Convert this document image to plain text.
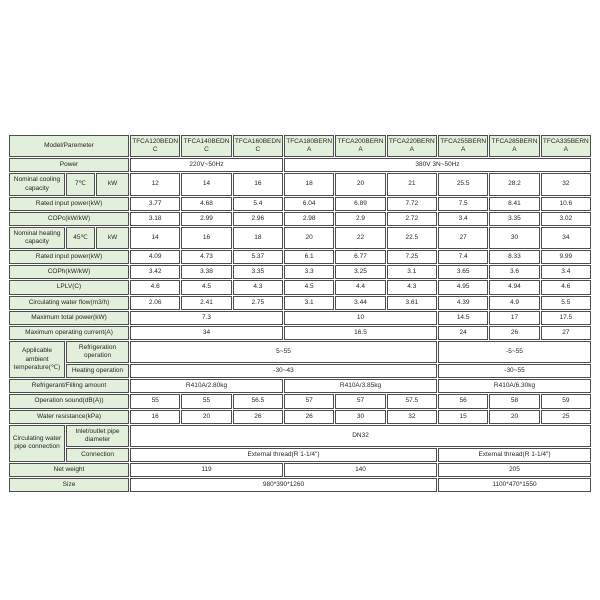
Model/Paremeter			TFCA120BEDNC	TFCA140BEDNC	TFCA160BEDNC	TFCA180BERNA	TFCA200BERNA	TFCA220BERNA	TFCA255BERNA	TFCA285BERNA	TFCA335BERNA
Power			220V~50Hz			380V 3N~50Hz					
Nominal cooling capacity	7℃	kW	12	14	16	18	20	21	25.5	28.2	32
Rated input power(kW)			3.77	4.68	5.4	6.04	6.89	7.72	7.5	8.41	10.6
COPc(kW/kW)			3.18	2.99	2.96	2.98	2.9	2.72	3.4	3.35	3.02
Nominal heating capacity	45℃	kW	14	16	18	20	22	22.5	27	30	34
Rated input power(kW)			4.09	4.73	5.37	6.1	6.77	7.25	7.4	8.33	9.99
COPh(kW/kW)			3.42	3.38	3.35	3.3	3.25	3.1	3.65	3.6	3.4
LPLV(C)			4.6	4.5	4.3	4.5	4.4	4.3	4.95	4.94	4.6
Circulating water flow(m3/h)			2.06	2.41	2.75	3.1	3.44	3.61	4.39	4.9	5.5
Maximum total power(kW)			7.3			10			14.5	17	17.5
Maximum operating current(A)			34			16.5			24	26	27
Applicable ambient temperature(℃)	Refrigeration operation		5~55						-5~55		
	Heating operation		-30~43						-30~55		
Refrigerant/Filling amount			R410A/2.80kg			R410A/3.85kg			R410A/6.30kg		
Operation sound(dB(A))			55	55	56.5	57	57	57.5	56	58	59
Water resistance(kPa)			16	20	26	26	30	32	15	20	25
Circulating water pipe connection	Inlet/outlet pipe diameter		DN32								
	Connection		External thread(R 1-1/4")						External thread(R 1-1/4")		
Net weight			119			140			205		
Size			980*390*1260						1100*470*1550		
